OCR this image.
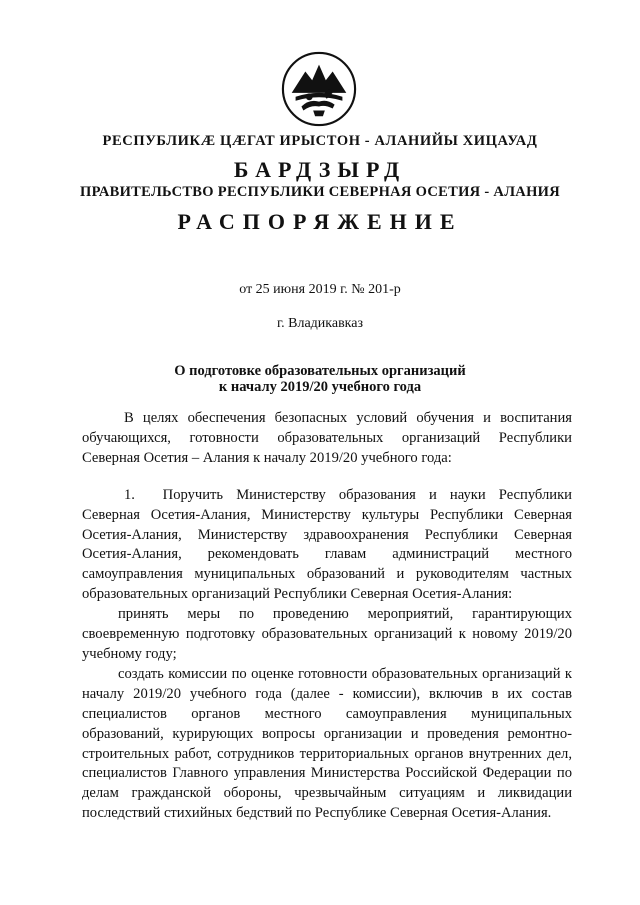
РЕСПУБЛИКӔ ЦӔГАТ ИРЫСТОН - АЛАНИЙЫ ХИЦАУАД
БАРДЗЫРД
ПРАВИТЕЛЬСТВО РЕСПУБЛИКИ СЕВЕРНАЯ ОСЕТИЯ - АЛАНИЯ
РАСПОРЯЖЕНИЕ
от 25 июня 2019 г. № 201-р
г. Владикавказ
О подготовке образовательных организаций
к началу 2019/20 учебного года

В целях обеспечения безопасных условий обучения и воспитания обучающихся, готовности образовательных организаций Республики Северная Осетия – Алания к началу 2019/20 учебного года:

1.  Поручить Министерству образования и науки Республики Северная Осетия-Алания, Министерству культуры Республики Северная Осетия-Алания, Министерству здравоохранения Республики Северная Осетия-Алания, рекомендовать главам администраций местного самоуправления муниципальных образований и руководителям частных образовательных организаций Республики Северная Осетия-Алания:

принять меры по проведению мероприятий, гарантирующих своевременную подготовку образовательных организаций к новому 2019/20 учебному году;

создать комиссии по оценке готовности образовательных организаций к началу 2019/20 учебного года (далее - комиссии), включив в их состав специалистов органов местного самоуправления муниципальных образований, курирующих вопросы организации и проведения ремонтно-строительных работ, сотрудников территориальных органов внутренних дел, специалистов Главного управления Министерства Российской Федерации по делам гражданской обороны, чрезвычайным ситуациям и ликвидации последствий стихийных бедствий по Республике Северная Осетия-Алания.
